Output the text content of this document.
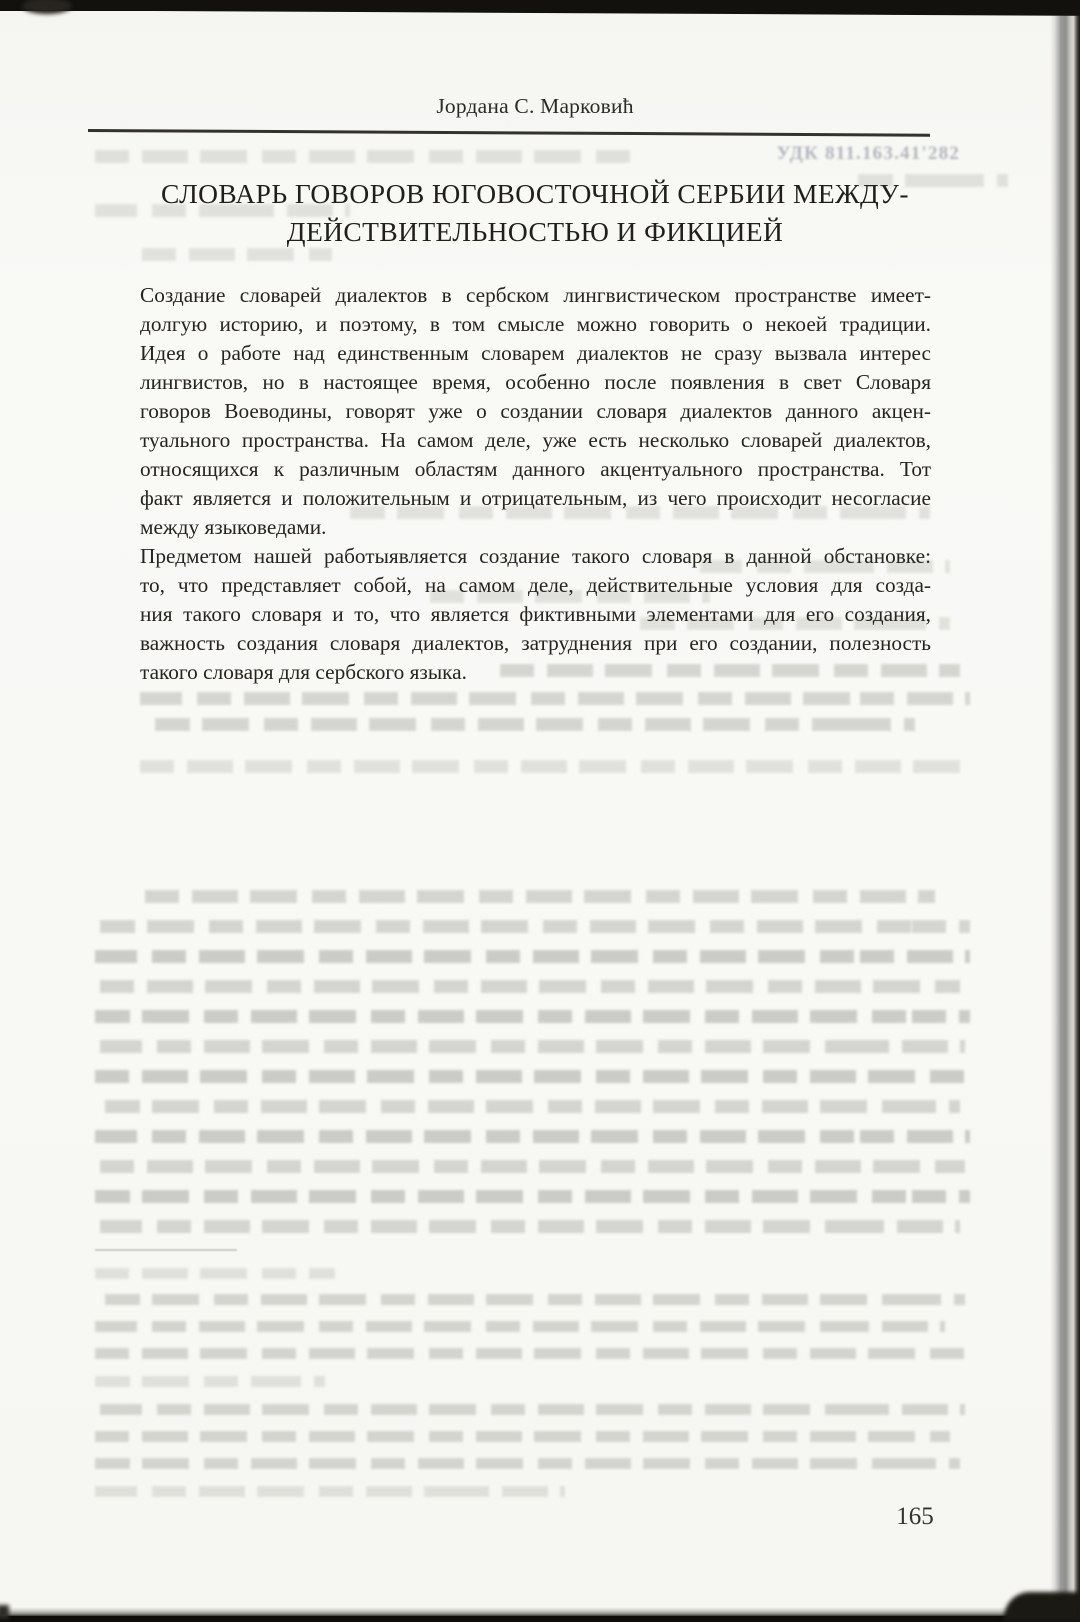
УДК 811.163.41'282
Јордана С. Марковић
СЛОВАРЬ ГОВОРОВ ЮГОВОСТОЧНОЙ СЕРБИИ МЕЖДУ-
ДЕЙСТВИТЕЛЬНОСТЬЮ И ФИКЦИЕЙ
Создание словарей диалектов в сербском лингвистическом пространстве имеет-
долгую историю, и поэтому, в том смысле можно говорить о некоей традиции.
Идея о работе над единственным словарем диалектов не сразу вызвала интерес
лингвистов, но в настоящее время, особенно после появления в свет Словаря
говоров Воеводины, говорят уже о создании словаря диалектов данного акцен-
туального пространства. На самом деле, уже есть несколько словарей диалектов,
относящихся к различным областям данного акцентуального пространства. Тот
факт является и положительным и отрицательным, из чего происходит несогласие
между языковедами.
Предметом нашей работыявляется создание такого словаря в данной обстановке:
то, что представляет собой, на самом деле, действительные условия для созда-
ния такого словаря и то, что является фиктивными элементами для его создания,
важность создания словаря диалектов, затруднения при его создании, полезность
такого словаря для сербского языка.
165
